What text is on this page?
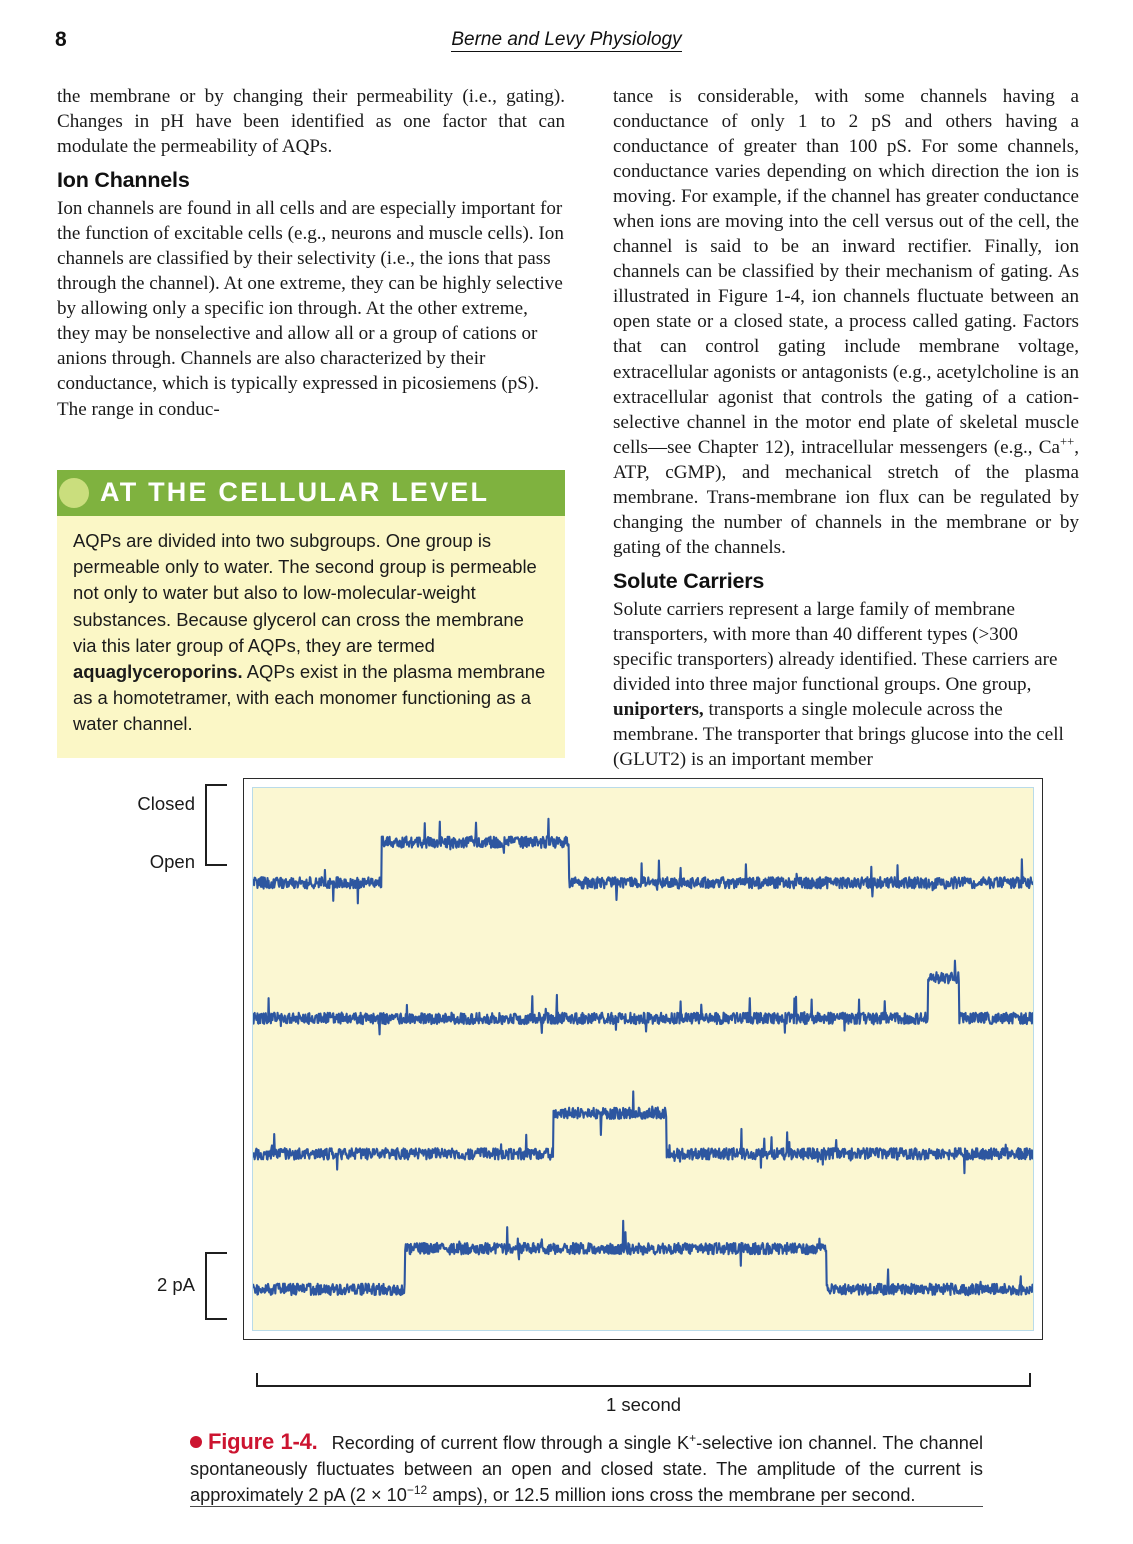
8	Berne and Levy Physiology

the membrane or by changing their permeability (i.e., gating). Changes in pH have been identified as one factor that can modulate the permeability of AQPs.

Ion Channels

Ion channels are found in all cells and are especially important for the function of excitable cells (e.g., neurons and muscle cells). Ion channels are classified by their selectivity (i.e., the ions that pass through the channel). At one extreme, they can be highly selective by allowing only a specific ion through. At the other extreme, they may be nonselective and allow all or a group of cations or anions through. Channels are also characterized by their conductance, which is typically expressed in picosiemens (pS). The range in conduc-

AT THE CELLULAR LEVEL

AQPs are divided into two subgroups. One group is permeable only to water. The second group is permeable not only to water but also to low-molecular-weight substances. Because glycerol can cross the membrane via this later group of AQPs, they are termed aquaglyceroporins. AQPs exist in the plasma membrane as a homotetramer, with each monomer functioning as a water channel.

tance is considerable, with some channels having a conductance of only 1 to 2 pS and others having a conductance of greater than 100 pS. For some channels, conductance varies depending on which direction the ion is moving. For example, if the channel has greater conductance when ions are moving into the cell versus out of the cell, the channel is said to be an inward rectifier. Finally, ion channels can be classified by their mechanism of gating. As illustrated in Figure 1-4, ion channels fluctuate between an open state or a closed state, a process called gating. Factors that can control gating include membrane voltage, extracellular agonists or antagonists (e.g., acetylcholine is an extracellular agonist that controls the gating of a cation-selective channel in the motor end plate of skeletal muscle cells—see Chapter 12), intracellular messengers (e.g., Ca++, ATP, cGMP), and mechanical stretch of the plasma membrane. Trans-membrane ion flux can be regulated by changing the number of channels in the membrane or by gating of the channels.

Solute Carriers

Solute carriers represent a large family of membrane transporters, with more than 40 different types (>300 specific transporters) already identified. These carriers are divided into three major functional groups. One group, uniporters, transports a single molecule across the membrane. The transporter that brings glucose into the cell (GLUT2) is an important member

Closed
Open
2 pA
1 second
Figure 1-4. Recording of current flow through a single K+-selective ion channel. The channel spontaneously fluctuates between an open and closed state. The amplitude of the current is approximately 2 pA ($2 \times 10^{-12}$ amps), or 12.5 million ions cross the membrane per second.
